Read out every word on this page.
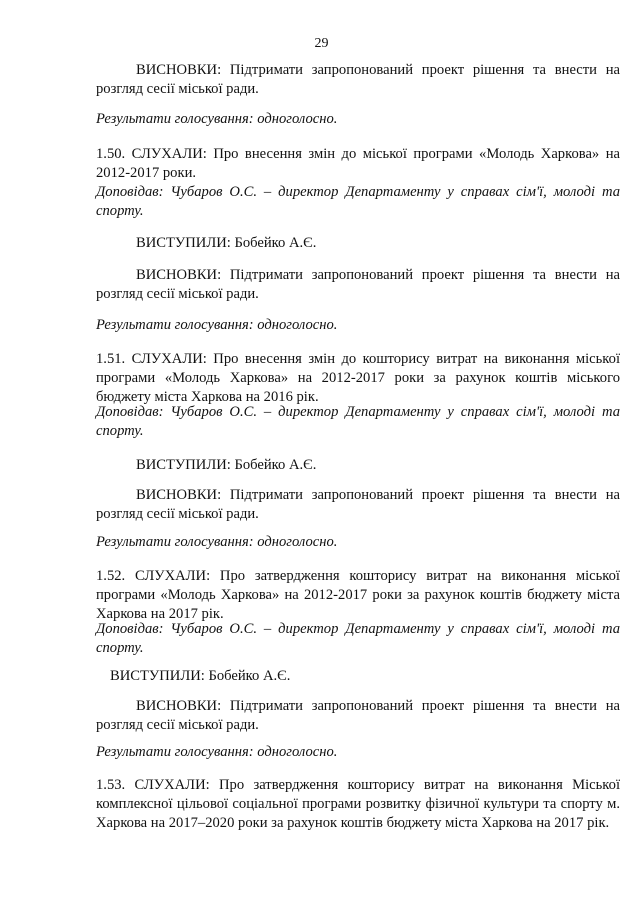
29

ВИСНОВКИ: Підтримати запропонований проект рішення та внести на розгляд сесії міської ради.

Результати голосування: одноголосно.

1.50. СЛУХАЛИ: Про внесення змін до міської програми «Молодь Харкова» на 2012-2017 роки.

Доповідав: Чубаров О.С. – директор Департаменту у справах сім'ї, молоді та спорту.

ВИСТУПИЛИ: Бобейко А.Є.

ВИСНОВКИ: Підтримати запропонований проект рішення та внести на розгляд сесії міської ради.

Результати голосування: одноголосно.

1.51. СЛУХАЛИ: Про внесення змін до кошторису витрат на виконання міської програми «Молодь Харкова» на 2012-2017 роки за рахунок коштів міського бюджету міста Харкова на 2016 рік.

Доповідав: Чубаров О.С. – директор Департаменту у справах сім'ї, молоді та спорту.

ВИСТУПИЛИ: Бобейко А.Є.

ВИСНОВКИ: Підтримати запропонований проект рішення та внести на розгляд сесії міської ради.

Результати голосування: одноголосно.

1.52. СЛУХАЛИ: Про затвердження кошторису витрат на виконання міської програми «Молодь Харкова» на 2012-2017 роки за рахунок коштів бюджету міста Харкова на 2017 рік.

Доповідав: Чубаров О.С. – директор Департаменту у справах сім'ї, молоді та спорту.

ВИСТУПИЛИ: Бобейко А.Є.

ВИСНОВКИ: Підтримати запропонований проект рішення та внести на розгляд сесії міської ради.

Результати голосування: одноголосно.

1.53. СЛУХАЛИ: Про затвердження кошторису витрат на виконання Міської комплексної цільової соціальної програми розвитку фізичної культури та спорту м. Харкова на 2017–2020 роки за рахунок коштів бюджету міста Харкова на 2017 рік.
